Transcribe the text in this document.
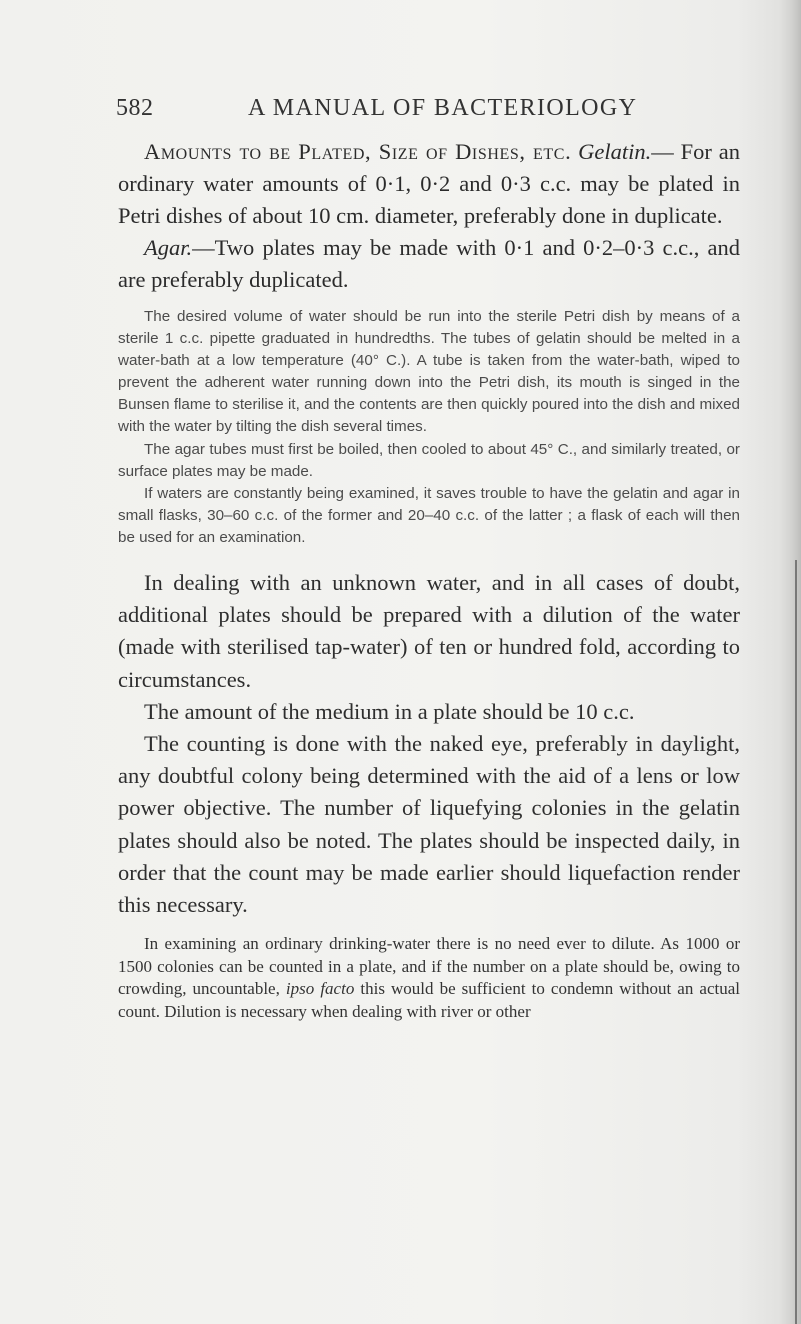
582	A MANUAL OF BACTERIOLOGY

Amounts to be Plated, Size of Dishes, etc. Gelatin.— For an ordinary water amounts of 0·1, 0·2 and 0·3 c.c. may be plated in Petri dishes of about 10 cm. diameter, preferably done in duplicate.

Agar.—Two plates may be made with 0·1 and 0·2–0·3 c.c., and are preferably duplicated.

The desired volume of water should be run into the sterile Petri dish by means of a sterile 1 c.c. pipette graduated in hundredths. The tubes of gelatin should be melted in a water-bath at a low temperature (40° C.). A tube is taken from the water-bath, wiped to prevent the adherent water running down into the Petri dish, its mouth is singed in the Bunsen flame to sterilise it, and the contents are then quickly poured into the dish and mixed with the water by tilting the dish several times.

The agar tubes must first be boiled, then cooled to about 45° C., and similarly treated, or surface plates may be made.

If waters are constantly being examined, it saves trouble to have the gelatin and agar in small flasks, 30–60 c.c. of the former and 20–40 c.c. of the latter ; a flask of each will then be used for an examination.

In dealing with an unknown water, and in all cases of doubt, additional plates should be prepared with a dilution of the water (made with sterilised tap-water) of ten or hundred fold, according to circumstances.

The amount of the medium in a plate should be 10 c.c.

The counting is done with the naked eye, preferably in daylight, any doubtful colony being determined with the aid of a lens or low power objective. The number of liquefying colonies in the gelatin plates should also be noted. The plates should be inspected daily, in order that the count may be made earlier should liquefaction render this necessary.

In examining an ordinary drinking-water there is no need ever to dilute. As 1000 or 1500 colonies can be counted in a plate, and if the number on a plate should be, owing to crowding, uncountable, ipso facto this would be sufficient to condemn without an actual count. Dilution is necessary when dealing with river or other
